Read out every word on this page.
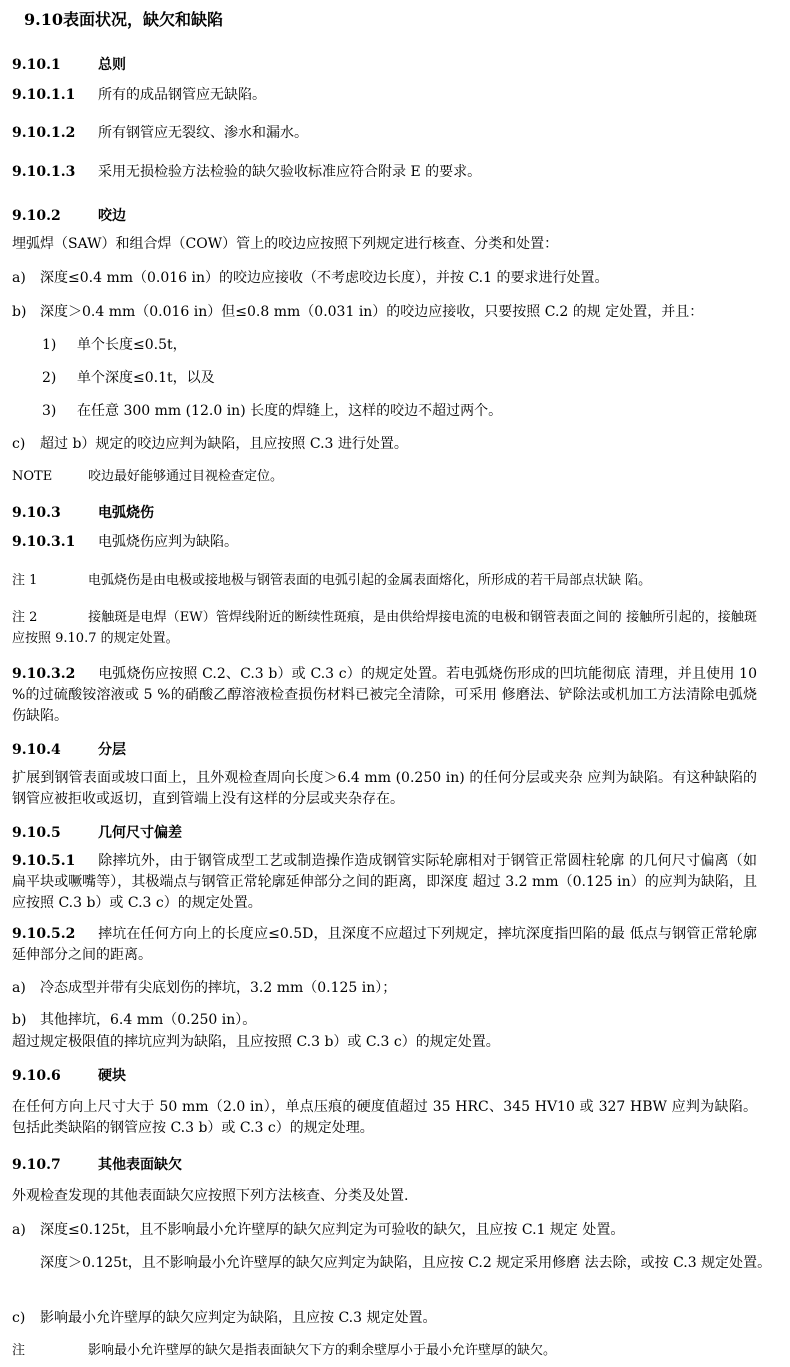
9.10表面状况，缺欠和缺陷
9.10.1	总则
9.10.1.1 所有的成品钢管应无缺陷。
9.10.1.2 所有钢管应无裂纹、渗水和漏水。
9.10.1.3 采用无损检验方法检验的缺欠验收标准应符合附录 E 的要求。
9.10.2	咬边
埋弧焊（SAW）和组合焊（COW）管上的咬边应按照下列规定进行核查、分类和处置：
a) 深度≤0.4 mm（0.016 in）的咬边应接收（不考虑咬边长度），并按 C.1 的要求进行处置。
b) 深度＞0.4 mm（0.016 in）但≤0.8 mm（0.031 in）的咬边应接收，只要按照 C.2 的规 定处置，并且：
1) 单个长度≤0.5t，
2) 单个深度≤0.1t，以及
3) 在任意 300 mm (12.0 in) 长度的焊缝上，这样的咬边不超过两个。
c) 超过 b）规定的咬边应判为缺陷，且应按照 C.3 进行处置。
NOTE	咬边最好能够通过目视检查定位。
9.10.3	电弧烧伤
9.10.3.1 电弧烧伤应判为缺陷。
注 1	电弧烧伤是由电极或接地极与钢管表面的电弧引起的金属表面熔化，所形成的若干局部点状缺 陷。
注 2	接触斑是电焊（EW）管焊线附近的断续性斑痕，是由供给焊接电流的电极和钢管表面之间的 接触所引起的，接触斑应按照 9.10.7 的规定处置。
9.10.3.2 电弧烧伤应按照 C.2、C.3 b）或 C.3 c）的规定处置。若电弧烧伤形成的凹坑能彻底 清理，并且使用 10 %的过硫酸铵溶液或 5 %的硝酸乙醇溶液检查损伤材料已被完全清除，可采用 修磨法、铲除法或机加工方法清除电弧烧伤缺陷。
9.10.4	分层
扩展到钢管表面或坡口面上，且外观检查周向长度＞6.4 mm (0.250 in) 的任何分层或夹杂 应判为缺陷。有这种缺陷的钢管应被拒收或返切，直到管端上没有这样的分层或夹杂存在。
9.10.5	几何尺寸偏差
9.10.5.1 除摔坑外，由于钢管成型工艺或制造操作造成钢管实际轮廓相对于钢管正常圆柱轮廓 的几何尺寸偏离（如扁平块或噘嘴等），其极端点与钢管正常轮廓延伸部分之间的距离，即深度 超过 3.2 mm（0.125 in）的应判为缺陷，且应按照 C.3 b）或 C.3 c）的规定处置。
9.10.5.2 摔坑在任何方向上的长度应≤0.5D，且深度不应超过下列规定，摔坑深度指凹陷的最 低点与钢管正常轮廓延伸部分之间的距离。
a) 冷态成型并带有尖底划伤的摔坑，3.2 mm（0.125 in）；
b) 其他摔坑，6.4 mm（0.250 in）。
超过规定极限值的摔坑应判为缺陷，且应按照 C.3 b）或 C.3 c）的规定处置。
9.10.6	硬块
在任何方向上尺寸大于 50 mm（2.0 in），单点压痕的硬度值超过 35 HRC、345 HV10 或 327 HBW 应判为缺陷。包括此类缺陷的钢管应按 C.3 b）或 C.3 c）的规定处理。
9.10.7	其他表面缺欠
外观检查发现的其他表面缺欠应按照下列方法核查、分类及处置.
a) 深度≤0.125t，且不影响最小允许壁厚的缺欠应判定为可验收的缺欠，且应按 C.1 规定 处置。
深度＞0.125t，且不影响最小允许壁厚的缺欠应判定为缺陷，且应按 C.2 规定采用修磨 法去除，或按 C.3 规定处置。
c) 影响最小允许壁厚的缺欠应判定为缺陷，且应按 C.3 规定处置。
注	影响最小允许壁厚的缺欠是指表面缺欠下方的剩余壁厚小于最小允许壁厚的缺欠。
